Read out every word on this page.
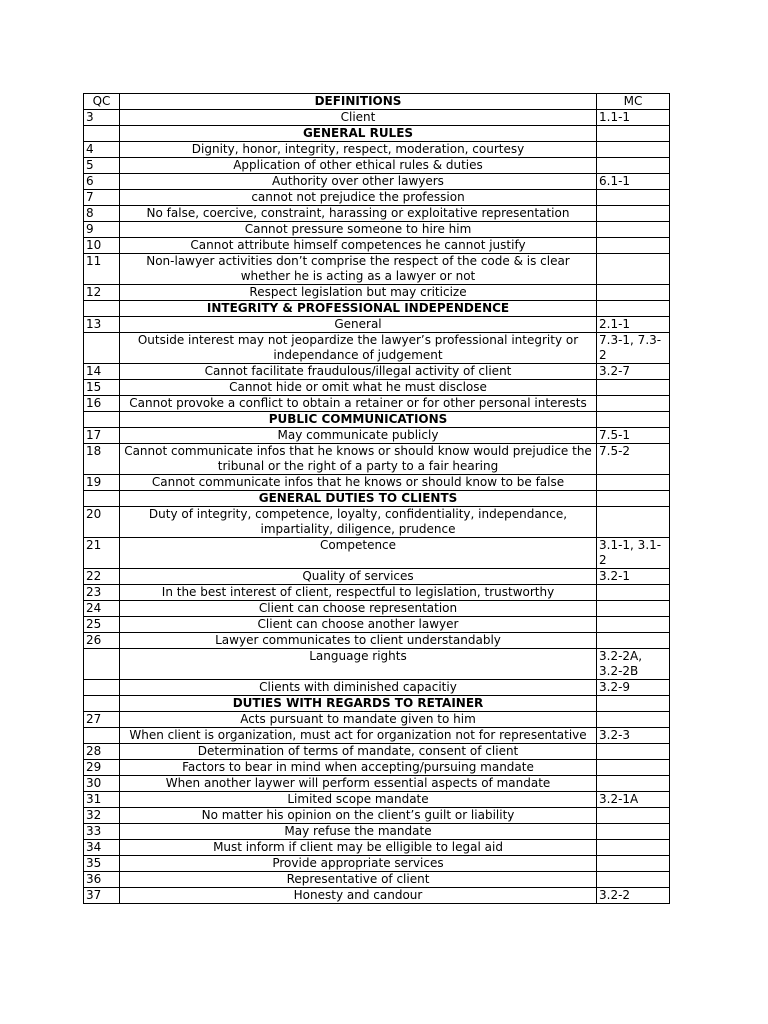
QC	DEFINITIONS	MC
3	Client	1.1-1
	GENERAL RULES	
4	Dignity, honor, integrity, respect, moderation, courtesy	
5	Application of other ethical rules & duties	
6	Authority over other lawyers	6.1-1
7	cannot not prejudice the profession	
8	No false, coercive, constraint, harassing or exploitative representation	
9	Cannot pressure someone to hire him	
10	Cannot attribute himself competences he cannot justify	
11	Non-lawyer activities don’t comprise the respect of the code & is clear whether he is acting as a lawyer or not	
12	Respect legislation but may criticize	
	INTEGRITY & PROFESSIONAL INDEPENDENCE	
13	General	2.1-1
	Outside interest may not jeopardize the lawyer’s professional integrity or independance of judgement	7.3-1, 7.3-2
14	Cannot facilitate fraudulous/illegal activity of client	3.2-7
15	Cannot hide or omit what he must disclose	
16	Cannot provoke a conflict to obtain a retainer or for other personal interests	
	PUBLIC COMMUNICATIONS	
17	May communicate publicly	7.5-1
18	Cannot communicate infos that he knows or should know would prejudice the tribunal or the right of a party to a fair hearing	7.5-2
19	Cannot communicate infos that he knows or should know to be false	
	GENERAL DUTIES TO CLIENTS	
20	Duty of integrity, competence, loyalty, confidentiality, independance, impartiality, diligence, prudence	
21	Competence	3.1-1, 3.1-2
22	Quality of services	3.2-1
23	In the best interest of client, respectful to legislation, trustworthy	
24	Client can choose representation	
25	Client can choose another lawyer	
26	Lawyer communicates to client understandably	
	Language rights	3.2-2A, 3.2-2B
	Clients with diminished capacitiy	3.2-9
	DUTIES WITH REGARDS TO RETAINER	
27	Acts pursuant to mandate given to him	
	When client is organization, must act for organization not for representative	3.2-3
28	Determination of terms of mandate, consent of client	
29	Factors to bear in mind when accepting/pursuing mandate	
30	When another laywer will perform essential aspects of mandate	
31	Limited scope mandate	3.2-1A
32	No matter his opinion on the client’s guilt or liability	
33	May refuse the mandate	
34	Must inform if client may be elligible to legal aid	
35	Provide appropriate services	
36	Representative of client	
37	Honesty and candour	3.2-2
